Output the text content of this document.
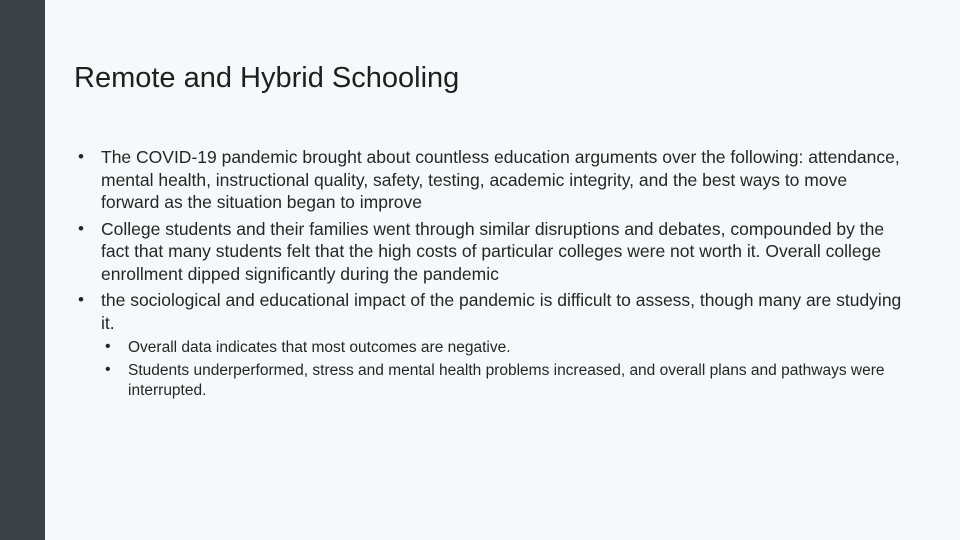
Remote and Hybrid Schooling
• The COVID-19 pandemic brought about countless education arguments over the following: attendance, mental health, instructional quality, safety, testing, academic integrity, and the best ways to move forward as the situation began to improve
• College students and their families went through similar disruptions and debates, compounded by the fact that many students felt that the high costs of particular colleges were not worth it. Overall college enrollment dipped significantly during the pandemic
• the sociological and educational impact of the pandemic is difficult to assess, though many are studying it.
• Overall data indicates that most outcomes are negative.
• Students underperformed, stress and mental health problems increased, and overall plans and pathways were interrupted.
